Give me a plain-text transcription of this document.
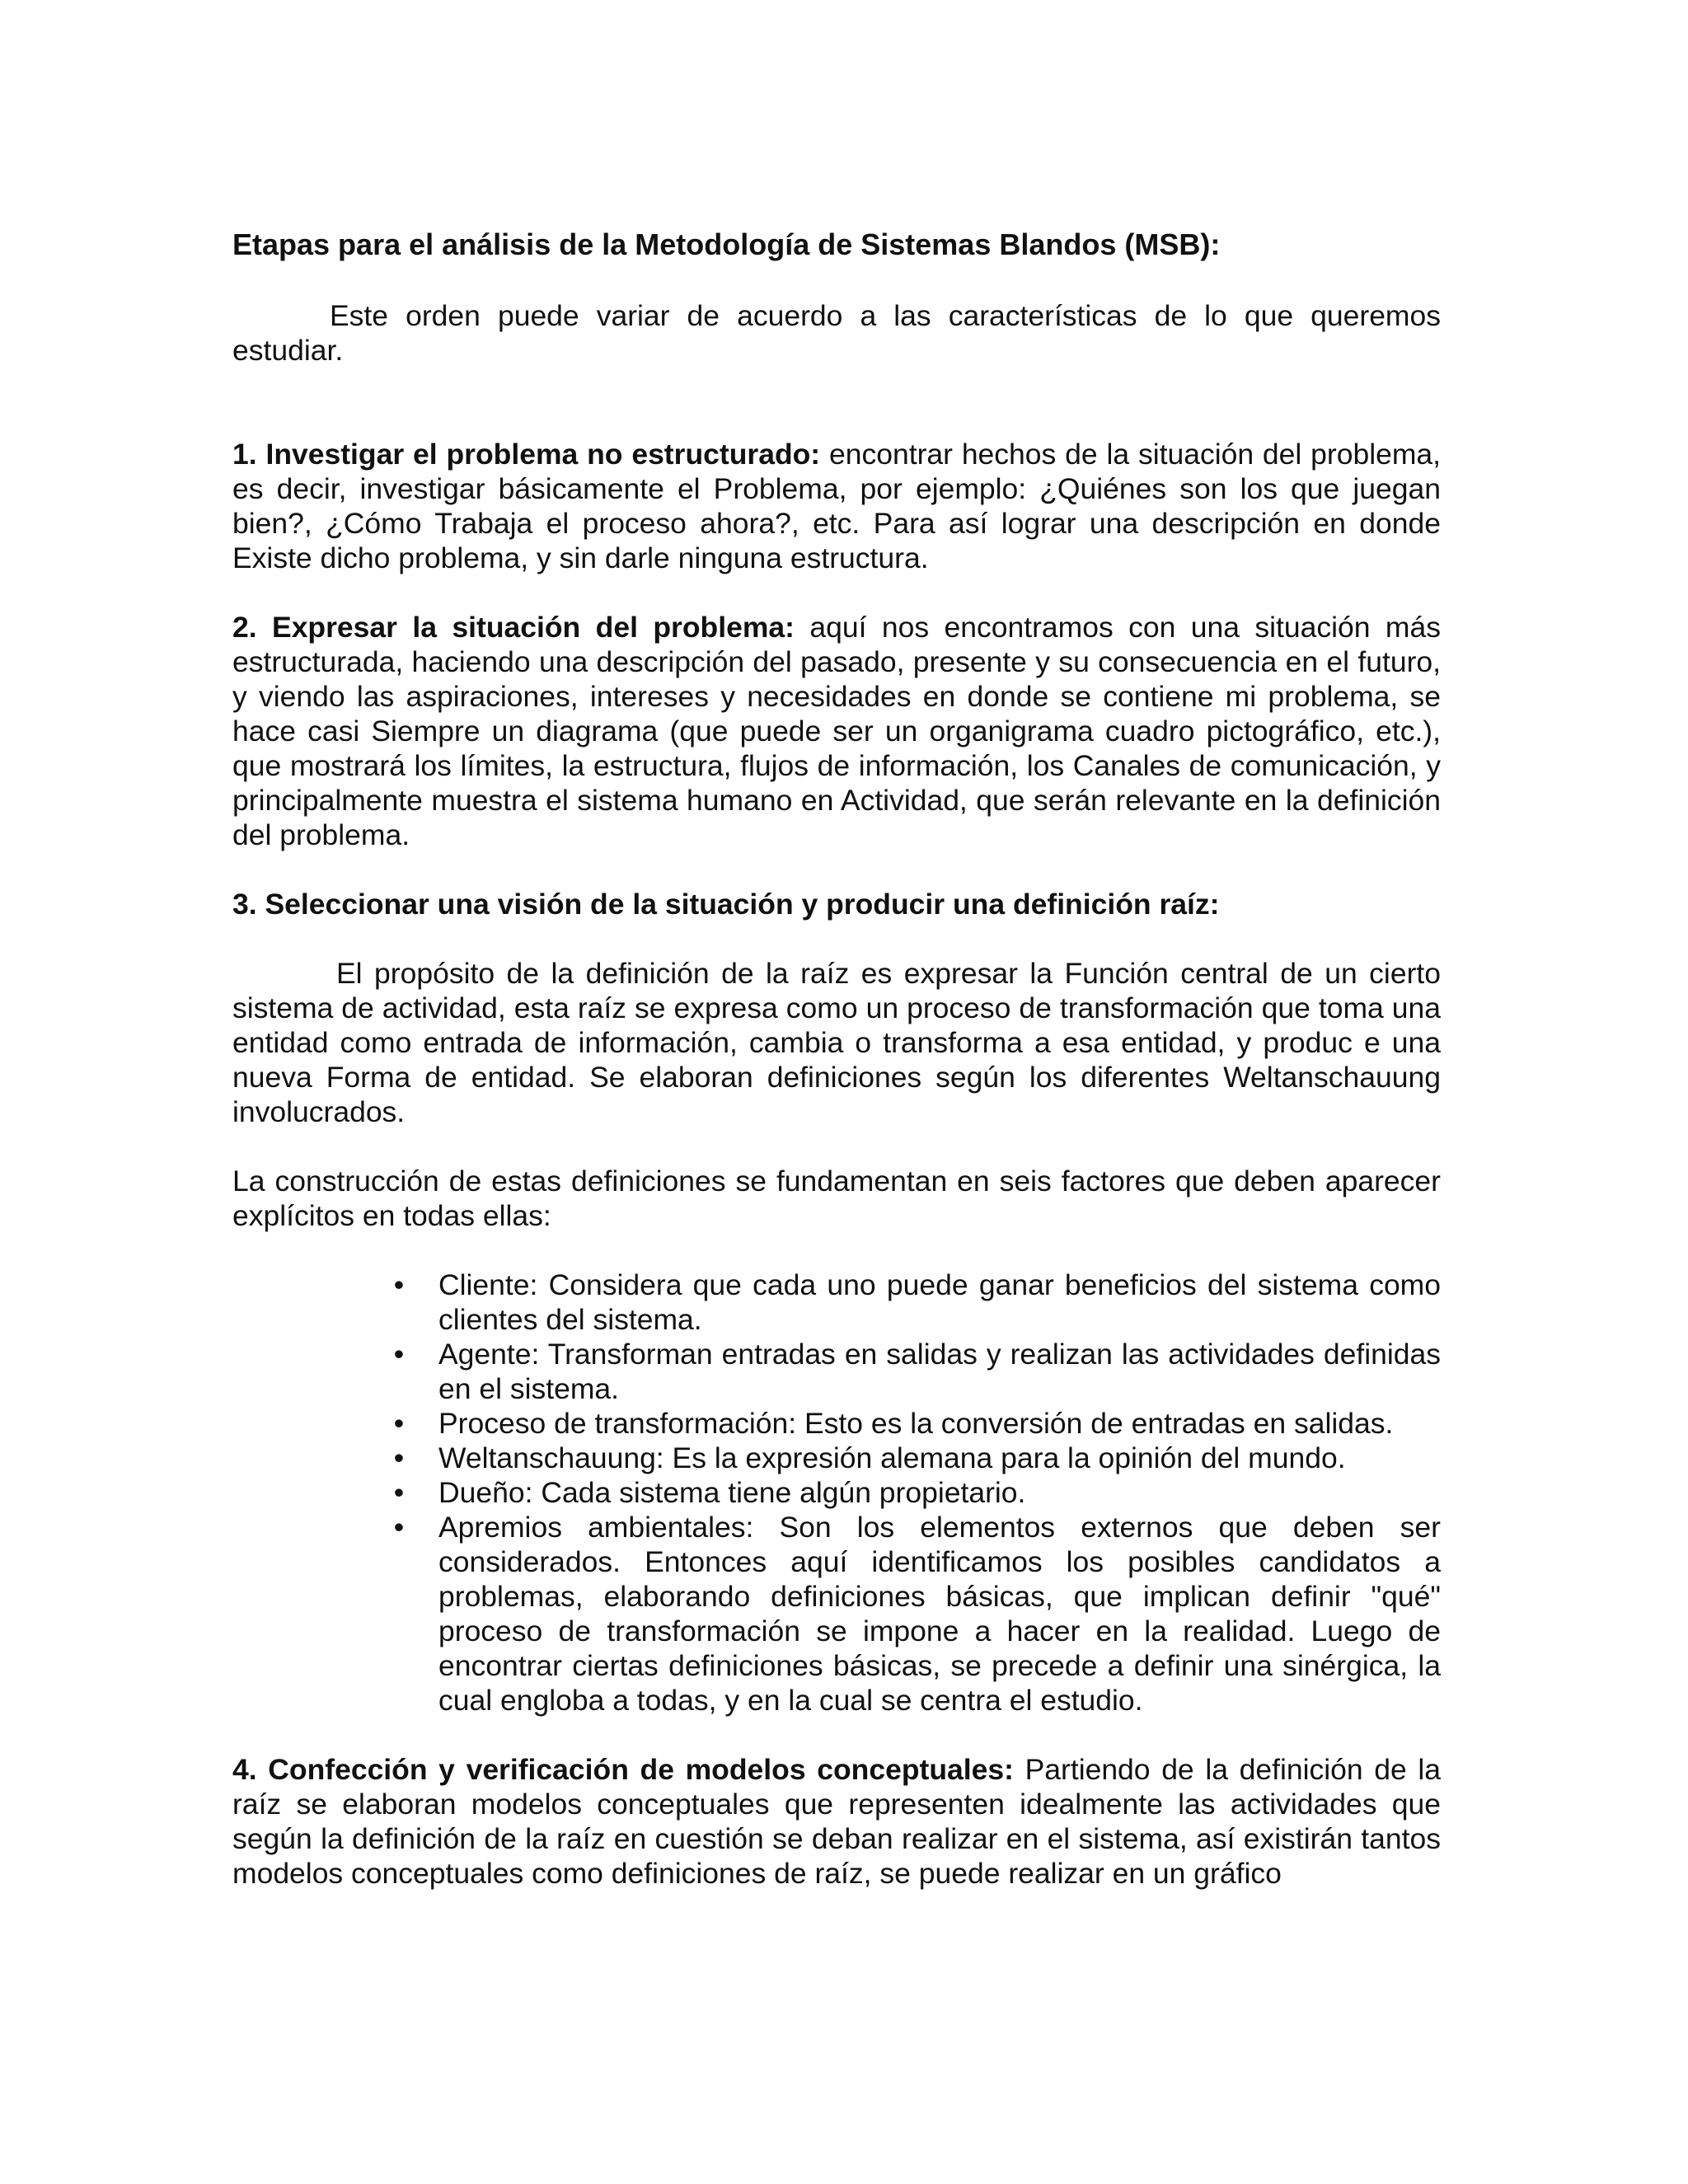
Etapas para el análisis de la Metodología de Sistemas Blandos (MSB):

Este orden puede variar de acuerdo a las características de lo que queremos estudiar.

1. Investigar el problema no estructurado: encontrar hechos de la situación del problema, es decir, investigar básicamente el Problema, por ejemplo: ¿Quiénes son los que juegan bien?, ¿Cómo Trabaja el proceso ahora?, etc. Para así lograr una descripción en donde Existe dicho problema, y sin darle ninguna estructura.

2. Expresar la situación del problema: aquí nos encontramos con una situación más estructurada, haciendo una descripción del pasado, presente y su consecuencia en el futuro, y viendo las aspiraciones, intereses y necesidades en donde se contiene mi problema, se hace casi Siempre un diagrama (que puede ser un organigrama cuadro pictográfico, etc.), que mostrará los límites, la estructura, flujos de información, los Canales de comunicación, y principalmente muestra el sistema humano en Actividad, que serán relevante en la definición del problema.

3. Seleccionar una visión de la situación y producir una definición raíz:

El propósito de la definición de la raíz es expresar la Función central de un cierto sistema de actividad, esta raíz se expresa como un proceso de transformación que toma una entidad como entrada de información, cambia o transforma a esa entidad, y produc e una nueva Forma de entidad. Se elaboran definiciones según los diferentes Weltanschauung involucrados.

La construcción de estas definiciones se fundamentan en seis factores que deben aparecer explícitos en todas ellas:

• Cliente: Considera que cada uno puede ganar beneficios del sistema como clientes del sistema.
• Agente: Transforman entradas en salidas y realizan las actividades definidas en el sistema.
• Proceso de transformación: Esto es la conversión de entradas en salidas.
• Weltanschauung: Es la expresión alemana para la opinión del mundo.
• Dueño: Cada sistema tiene algún propietario.
• Apremios ambientales: Son los elementos externos que deben ser considerados. Entonces aquí identificamos los posibles candidatos a problemas, elaborando definiciones básicas, que implican definir "qué" proceso de transformación se impone a hacer en la realidad. Luego de encontrar ciertas definiciones básicas, se precede a definir una sinérgica, la cual engloba a todas, y en la cual se centra el estudio.

4. Confección y verificación de modelos conceptuales: Partiendo de la definición de la raíz se elaboran modelos conceptuales que representen idealmente las actividades que según la definición de la raíz en cuestión se deban realizar en el sistema, así existirán tantos modelos conceptuales como definiciones de raíz, se puede realizar en un gráfico
